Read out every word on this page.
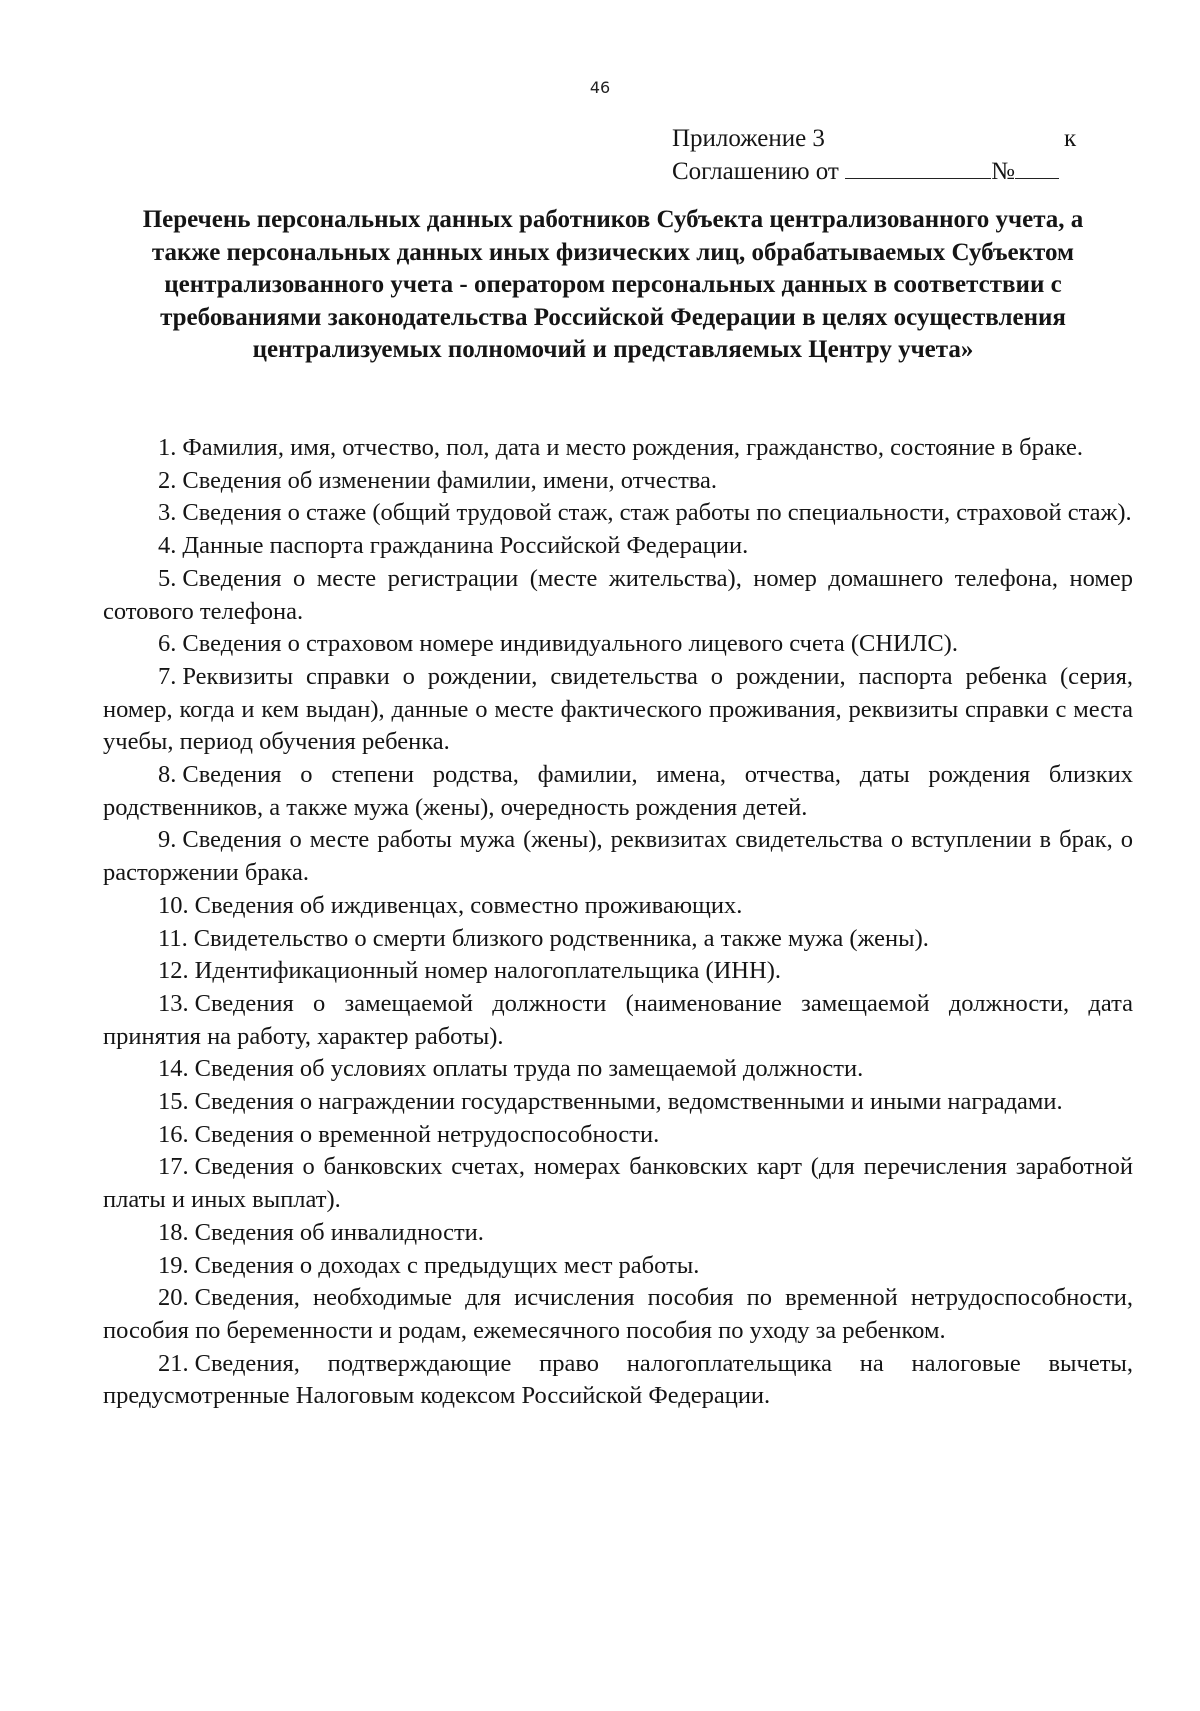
46
Приложение 3	к
Соглашению от	№
Перечень персональных данных работников Субъекта централизованного учета, а также персональных данных иных физических лиц, обрабатываемых Субъектом централизованного учета - оператором персональных данных в соответствии с требованиями законодательства Российской Федерации в целях осуществления централизуемых полномочий и представляемых Центру учета»

1. Фамилия, имя, отчество, пол, дата и место рождения, гражданство, состояние в браке.

2. Сведения об изменении фамилии, имени, отчества.

3. Сведения о стаже (общий трудовой стаж, стаж работы по специальности, страховой стаж).

4. Данные паспорта гражданина Российской Федерации.

5. Сведения о месте регистрации (месте жительства), номер домашнего телефона, номер сотового телефона.

6. Сведения о страховом номере индивидуального лицевого счета (СНИЛС).

7. Реквизиты справки о рождении, свидетельства о рождении, паспорта ребенка (серия, номер, когда и кем выдан), данные о месте фактического проживания, реквизиты справки с места учебы, период обучения ребенка.

8. Сведения о степени родства, фамилии, имена, отчества, даты рождения близких родственников, а также мужа (жены), очередность рождения детей.

9. Сведения о месте работы мужа (жены), реквизитах свидетельства о вступлении в брак, о расторжении брака.

10. Сведения об иждивенцах, совместно проживающих.

11. Свидетельство о смерти близкого родственника, а также мужа (жены).

12. Идентификационный номер налогоплательщика (ИНН).

13. Сведения о замещаемой должности (наименование замещаемой должности, дата принятия на работу, характер работы).

14. Сведения об условиях оплаты труда по замещаемой должности.

15. Сведения о награждении государственными, ведомственными и иными наградами.

16. Сведения о временной нетрудоспособности.

17. Сведения о банковских счетах, номерах банковских карт (для перечисления заработной платы и иных выплат).

18. Сведения об инвалидности.

19. Сведения о доходах с предыдущих мест работы.

20. Сведения, необходимые для исчисления пособия по временной нетрудоспособности, пособия по беременности и родам, ежемесячного пособия по уходу за ребенком.

21. Сведения, подтверждающие право налогоплательщика на налоговые вычеты, предусмотренные Налоговым кодексом Российской Федерации.
